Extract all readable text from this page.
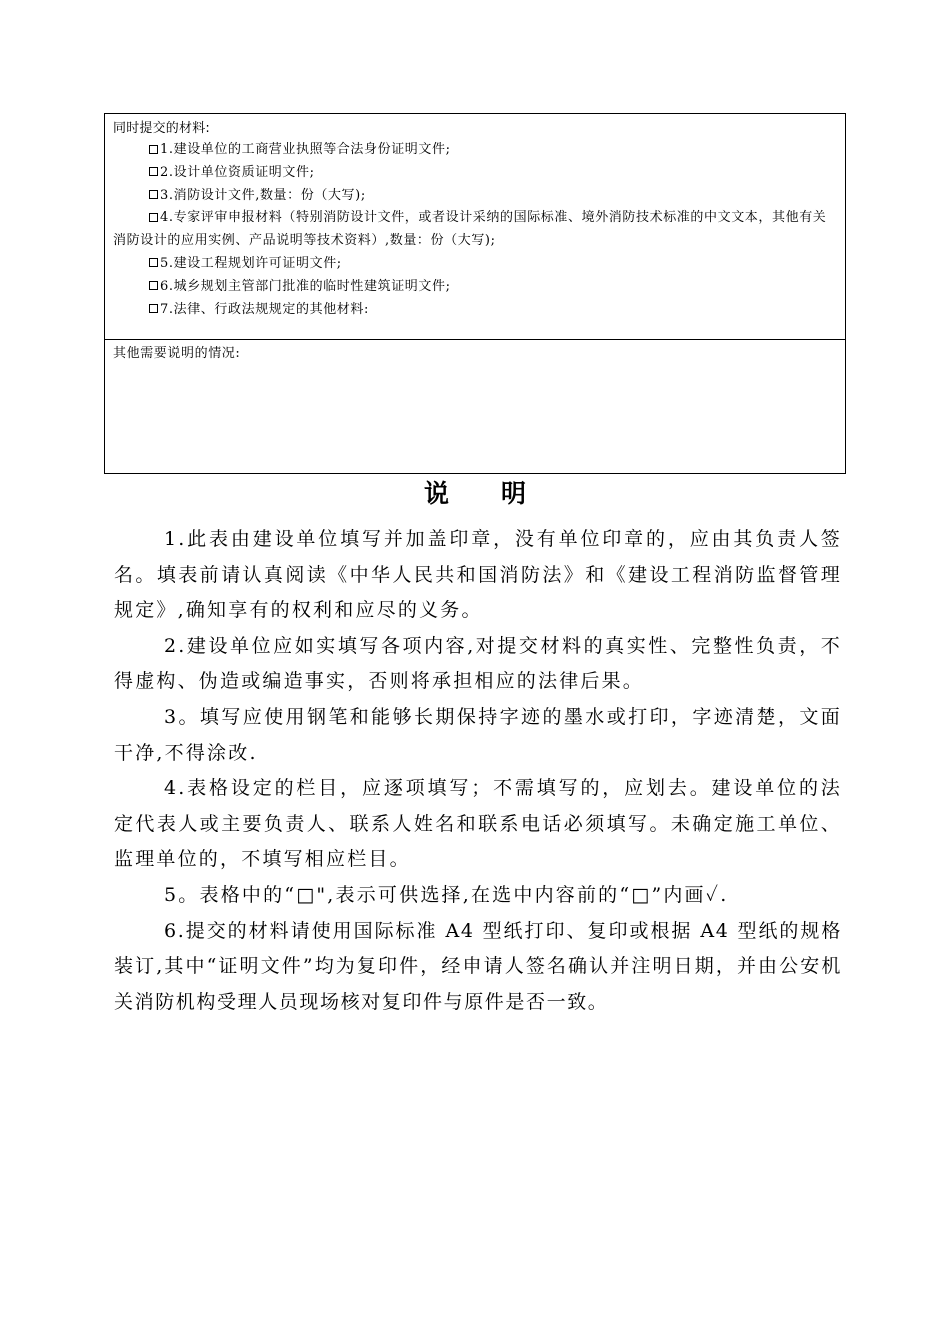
同时提交的材料:
1.建设单位的工商营业执照等合法身份证明文件;
2.设计单位资质证明文件;
3.消防设计文件,数量：份（大写);
4.专家评审申报材料（特别消防设计文件，或者设计采纳的国际标准、境外消防技术标准的中文文本，其他有关消防设计的应用实例、产品说明等技术资料）,数量：份（大写);
5.建设工程规划许可证明文件;
6.城乡规划主管部门批准的临时性建筑证明文件;
7.法律、行政法规规定的其他材料:
其他需要说明的情况:
说明

1.此表由建设单位填写并加盖印章，没有单位印章的，应由其负责人签名。填表前请认真阅读《中华人民共和国消防法》和《建设工程消防监督管理规定》,确知享有的权利和应尽的义务。

2.建设单位应如实填写各项内容,对提交材料的真实性、完整性负责，不得虚构、伪造或编造事实，否则将承担相应的法律后果。

3。填写应使用钢笔和能够长期保持字迹的墨水或打印，字迹清楚，文面干净,不得涂改.

4.表格设定的栏目，应逐项填写；不需填写的，应划去。建设单位的法定代表人或主要负责人、联系人姓名和联系电话必须填写。未确定施工单位、监理单位的，不填写相应栏目。

5。表格中的“□",表示可供选择,在选中内容前的“□”内画✓.

6.提交的材料请使用国际标准 A4 型纸打印、复印或根据 A4 型纸的规格装订,其中“证明文件”均为复印件，经申请人签名确认并注明日期，并由公安机关消防机构受理人员现场核对复印件与原件是否一致。
